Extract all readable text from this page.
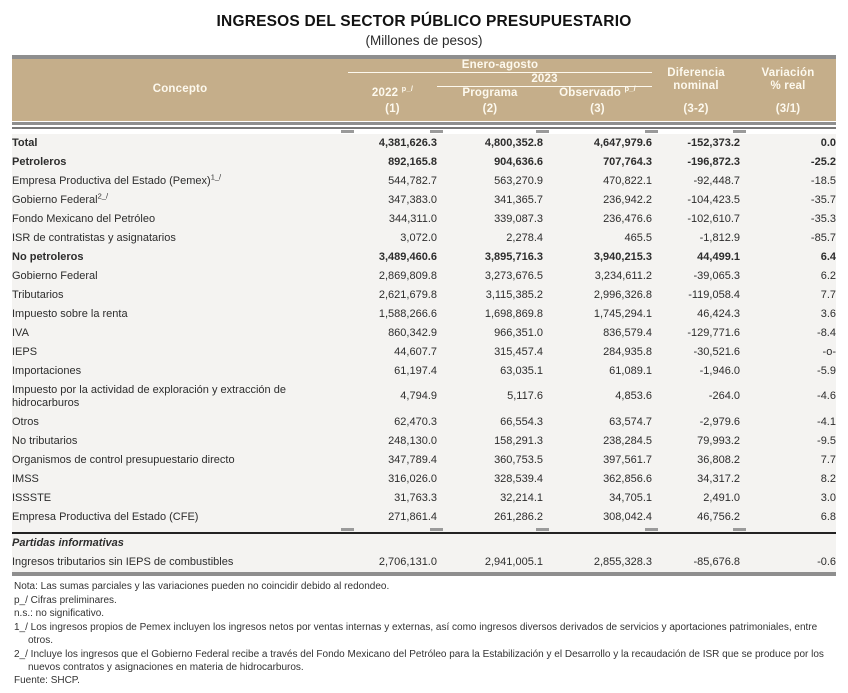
INGRESOS DEL SECTOR PÚBLICO PRESUPUESTARIO
(Millones de pesos)
Concepto	Enero-agosto			Diferencia
nominal	Variación
% real
	2022 $^{p\_/}$	2023			
		Programa	Observado $^{p\_/}$
	(1)	(2)	(3)	(3-2)	(3/1)
Total	4,381,626.3	4,800,352.8	4,647,979.6	-152,373.2	0.0
Petroleros	892,165.8	904,636.6	707,764.3	-196,872.3	-25.2
Empresa Productiva del Estado (Pemex)$^{1\_/}$	544,782.7	563,270.9	470,822.1	-92,448.7	-18.5
Gobierno Federal$^{2\_/}$	347,383.0	341,365.7	236,942.2	-104,423.5	-35.7
Fondo Mexicano del Petróleo	344,311.0	339,087.3	236,476.6	-102,610.7	-35.3
ISR de contratistas y asignatarios	3,072.0	2,278.4	465.5	-1,812.9	-85.7
No petroleros	3,489,460.6	3,895,716.3	3,940,215.3	44,499.1	6.4
Gobierno Federal	2,869,809.8	3,273,676.5	3,234,611.2	-39,065.3	6.2
Tributarios	2,621,679.8	3,115,385.2	2,996,326.8	-119,058.4	7.7
Impuesto sobre la renta	1,588,266.6	1,698,869.8	1,745,294.1	46,424.3	3.6
IVA	860,342.9	966,351.0	836,579.4	-129,771.6	-8.4
IEPS	44,607.7	315,457.4	284,935.8	-30,521.6	-o-
Importaciones	61,197.4	63,035.1	61,089.1	-1,946.0	-5.9
Impuesto por la actividad de exploración y extracción de hidrocarburos	4,794.9	5,117.6	4,853.6	-264.0	-4.6
Otros	62,470.3	66,554.3	63,574.7	-2,979.6	-4.1
No tributarios	248,130.0	158,291.3	238,284.5	79,993.2	-9.5
Organismos de control presupuestario directo	347,789.4	360,753.5	397,561.7	36,808.2	7.7
IMSS	316,026.0	328,539.4	362,856.6	34,317.2	8.2
ISSSTE	31,763.3	32,214.1	34,705.1	2,491.0	3.0
Empresa Productiva del Estado (CFE)	271,861.4	261,286.2	308,042.4	46,756.2	6.8
Partidas informativas
Ingresos tributarios sin IEPS de combustibles	2,706,131.0	2,941,005.1	2,855,328.3	-85,676.8	-0.6
Nota: Las sumas parciales y las variaciones pueden no coincidir debido al redondeo.
p_/ Cifras preliminares.
n.s.: no significativo.
1_/ Los ingresos propios de Pemex incluyen los ingresos netos por ventas internas y externas, así como ingresos diversos derivados de servicios y aportaciones patrimoniales, entre otros.
2_/ Incluye los ingresos que el Gobierno Federal recibe a través del Fondo Mexicano del Petróleo para la Estabilización y el Desarrollo y la recaudación de ISR que se produce por los nuevos contratos y asignaciones en materia de hidrocarburos.
Fuente: SHCP.
